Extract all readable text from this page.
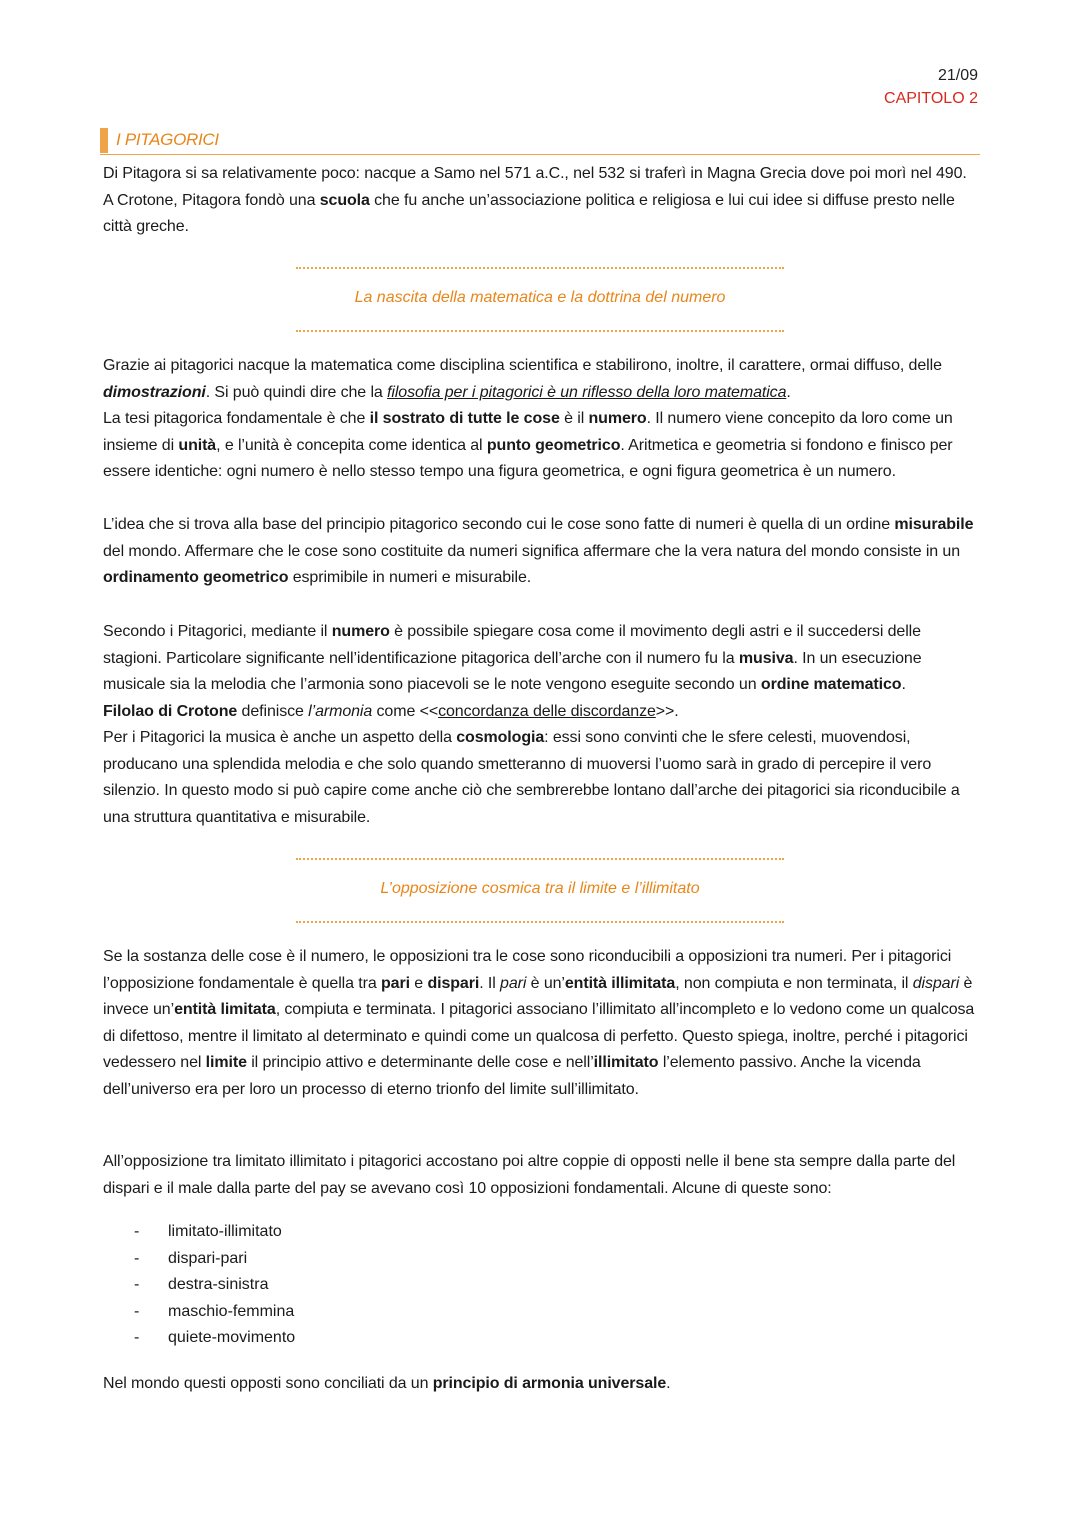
21/09
CAPITOLO 2
I PITAGORICI
Di Pitagora si sa relativamente poco: nacque a Samo nel 571 a.C., nel 532 si traferì in Magna Grecia dove poi morì nel 490. A Crotone, Pitagora fondò una scuola che fu anche un’associazione politica e religiosa e lui cui idee si diffuse presto nelle città greche.
La nascita della matematica e la dottrina del numero
Grazie ai pitagorici nacque la matematica come disciplina scientifica e stabilirono, inoltre, il carattere, ormai diffuso, delle dimostrazioni. Si può quindi dire che la filosofia per i pitagorici è un riflesso della loro matematica.
La tesi pitagorica fondamentale è che il sostrato di tutte le cose è il numero. Il numero viene concepito da loro come un insieme di unità, e l’unità è concepita come identica al punto geometrico. Aritmetica e geometria si fondono e finisco per essere identiche: ogni numero è nello stesso tempo una figura geometrica, e ogni figura geometrica è un numero.
L’idea che si trova alla base del principio pitagorico secondo cui le cose sono fatte di numeri è quella di un ordine misurabile del mondo. Affermare che le cose sono costituite da numeri significa affermare che la vera natura del mondo consiste in un ordinamento geometrico esprimibile in numeri e misurabile.
Secondo i Pitagorici, mediante il numero è possibile spiegare cosa come il movimento degli astri e il succedersi delle stagioni. Particolare significante nell’identificazione pitagorica dell’arche con il numero fu la musiva. In un esecuzione musicale sia la melodia che l’armonia sono piacevoli se le note vengono eseguite secondo un ordine matematico.
Filolao di Crotone definisce l’armonia come <<concordanza delle discordanze>>.
Per i Pitagorici la musica è anche un aspetto della cosmologia: essi sono convinti che le sfere celesti, muovendosi, producano una splendida melodia e che solo quando smetteranno di muoversi l’uomo sarà in grado di percepire il vero silenzio. In questo modo si può capire come anche ciò che sembrerebbe lontano dall’arche dei pitagorici sia riconducibile a una struttura quantitativa e misurabile.
L’opposizione cosmica tra il limite e l’illimitato
Se la sostanza delle cose è il numero, le opposizioni tra le cose sono riconducibili a opposizioni tra numeri. Per i pitagorici l’opposizione fondamentale è quella tra pari e dispari. Il pari è un’entità illimitata, non compiuta e non terminata, il dispari è invece un’entità limitata, compiuta e terminata. I pitagorici associano l’illimitato all’incompleto e lo vedono come un qualcosa di difettoso, mentre il limitato al determinato e quindi come un qualcosa di perfetto. Questo spiega, inoltre, perché i pitagorici vedessero nel limite il principio attivo e determinante delle cose e nell’illimitato l’elemento passivo. Anche la vicenda dell’universo era per loro un processo di eterno trionfo del limite sull’illimitato.
All’opposizione tra limitato illimitato i pitagorici accostano poi altre coppie di opposti nelle il bene sta sempre dalla parte del dispari e il male dalla parte del pay se avevano così 10 opposizioni fondamentali. Alcune di queste sono:
- limitato-illimitato
- dispari-pari
- destra-sinistra
- maschio-femmina
- quiete-movimento
Nel mondo questi opposti sono conciliati da un principio di armonia universale.
